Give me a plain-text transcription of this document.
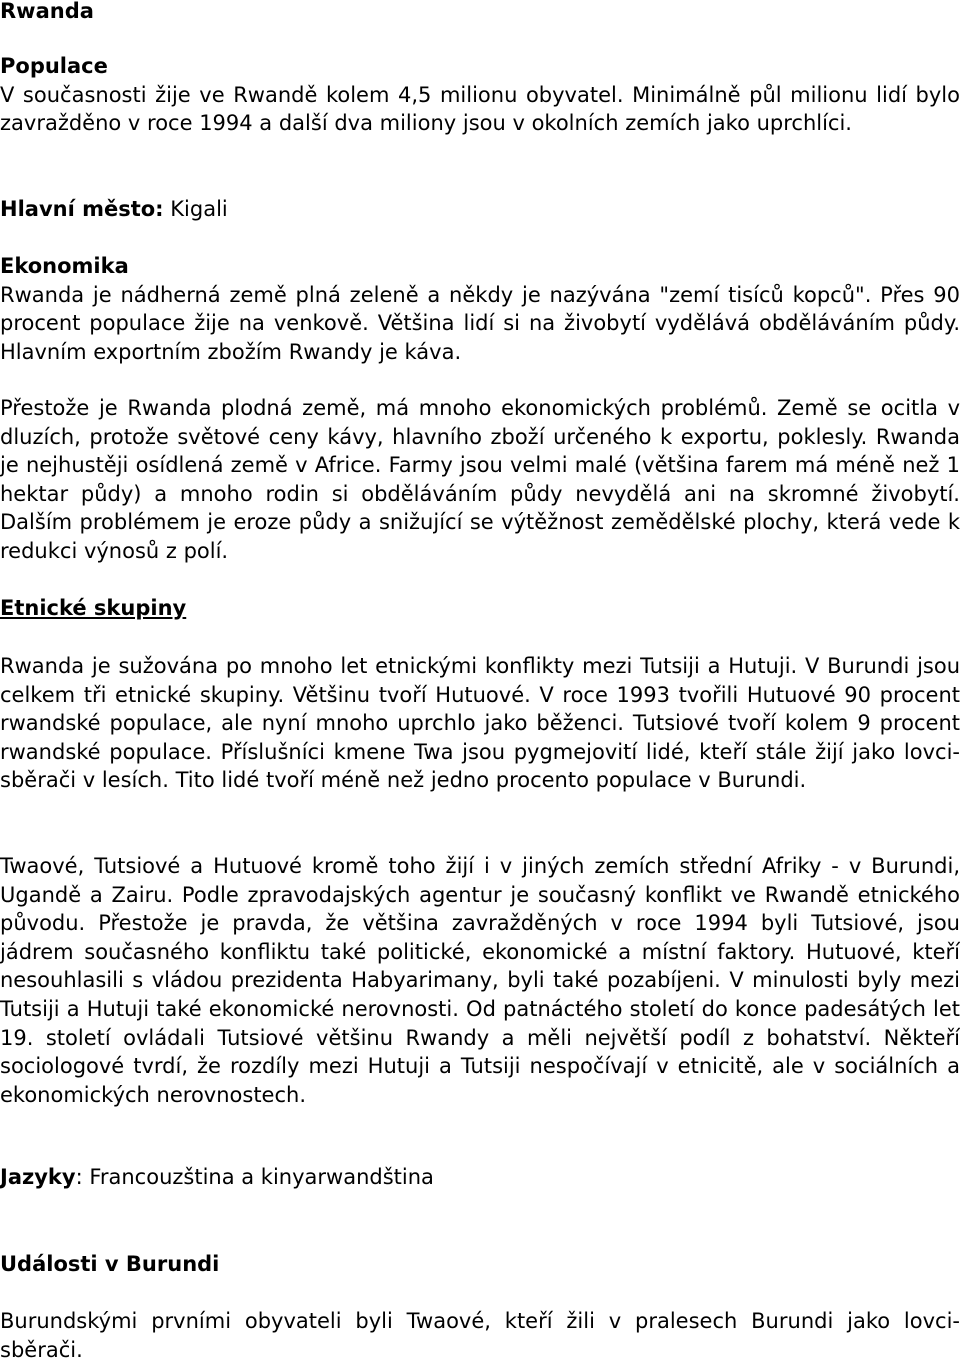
Rwanda
Populace

V současnosti žije ve Rwandě kolem 4,5 milionu obyvatel. Minimálně půl milionu lidí bylo zavražděno v roce 1994 a další dva miliony jsou v okolních zemích jako uprchlíci.

Hlavní město: Kigali
Ekonomika

Rwanda je nádherná země plná zeleně a někdy je nazývána "zemí tisíců kopců". Přes 90 procent populace žije na venkově. Většina lidí si na živobytí vydělává obděláváním půdy. Hlavním exportním zbožím Rwandy je káva.

Přestože je Rwanda plodná země, má mnoho ekonomických problémů. Země se ocitla v dluzích, protože světové ceny kávy, hlavního zboží určeného k exportu, poklesly. Rwanda je nejhustěji osídlená země v Africe. Farmy jsou velmi malé (většina farem má méně než 1 hektar půdy) a mnoho rodin si obděláváním půdy nevydělá ani na skromné živobytí. Dalším problémem je eroze půdy a snižující se výtěžnost zemědělské plochy, která vede k redukci výnosů z polí.

Etnické skupiny

Rwanda je sužována po mnoho let etnickými konflikty mezi Tutsiji a Hutuji. V Burundi jsou celkem tři etnické skupiny. Většinu tvoří Hutuové. V roce 1993 tvořili Hutuové 90 procent rwandské populace, ale nyní mnoho uprchlo jako běženci. Tutsiové tvoří kolem 9 procent rwandské populace. Příslušníci kmene Twa jsou pygmejovití lidé, kteří stále žijí jako lovci-sběrači v lesích. Tito lidé tvoří méně než jedno procento populace v Burundi.

Twaové, Tutsiové a Hutuové kromě toho žijí i v jiných zemích střední Afriky - v Burundi, Ugandě a Zairu. Podle zpravodajských agentur je současný konflikt ve Rwandě etnického původu. Přestože je pravda, že většina zavražděných v roce 1994 byli Tutsiové, jsou jádrem současného konfliktu také politické, ekonomické a místní faktory. Hutuové, kteří nesouhlasili s vládou prezidenta Habyarimany, byli také pozabíjeni. V minulosti byly mezi Tutsiji a Hutuji také ekonomické nerovnosti. Od patnáctého století do konce padesátých let 19. století ovládali Tutsiové většinu Rwandy a měli největší podíl z bohatství. Někteří sociologové tvrdí, že rozdíly mezi Hutuji a Tutsiji nespočívají v etnicitě, ale v sociálních a ekonomických nerovnostech.

Jazyky: Francouzština a kinyarwandština
Události v Burundi

Burundskými prvními obyvateli byli Twaové, kteří žili v pralesech Burundi jako lovci-sběrači.
